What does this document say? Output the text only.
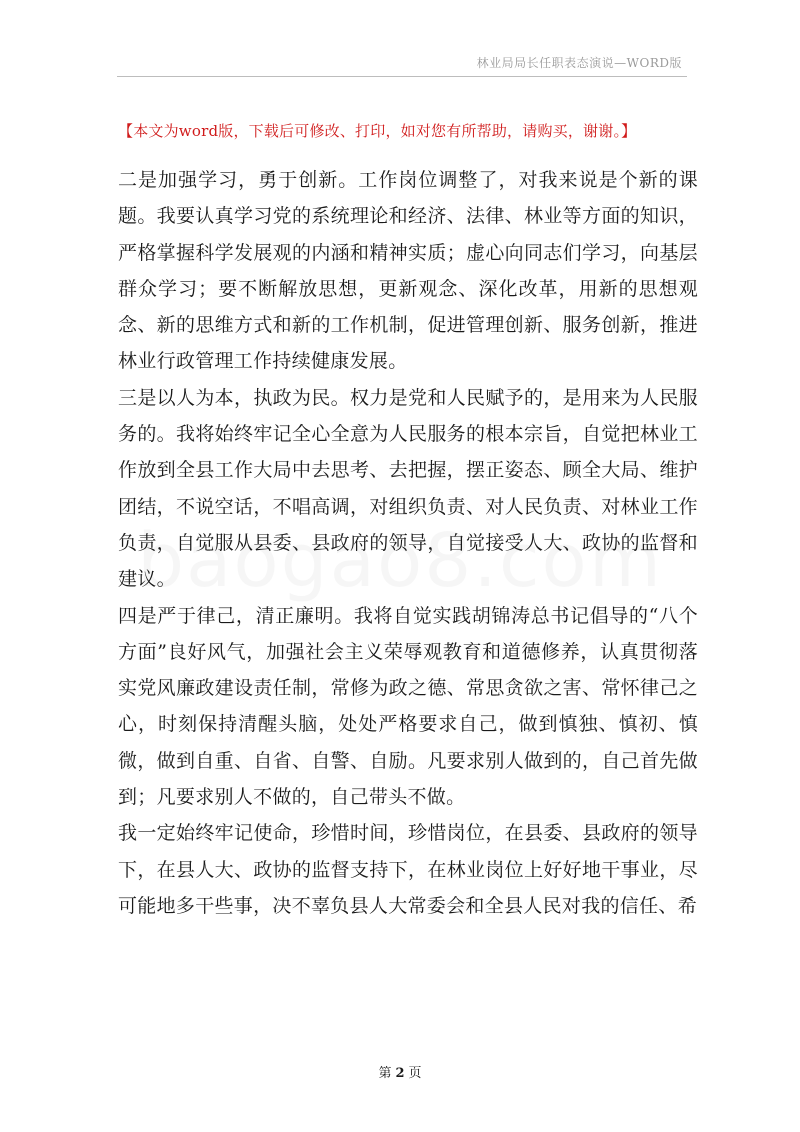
林业局局长任职表态演说—WORD版
【本文为word版，下载后可修改、打印，如对您有所帮助，请购买，谢谢。】

二是加强学习，勇于创新。工作岗位调整了，对我来说是个新的课题。我要认真学习党的系统理论和经济、法律、林业等方面的知识，严格掌握科学发展观的内涵和精神实质；虚心向同志们学习，向基层群众学习；要不断解放思想，更新观念、深化改革，用新的思想观念、新的思维方式和新的工作机制，促进管理创新、服务创新，推进林业行政管理工作持续健康发展。

三是以人为本，执政为民。权力是党和人民赋予的，是用来为人民服务的。我将始终牢记全心全意为人民服务的根本宗旨，自觉把林业工作放到全县工作大局中去思考、去把握，摆正姿态、顾全大局、维护团结，不说空话，不唱高调，对组织负责、对人民负责、对林业工作负责，自觉服从县委、县政府的领导，自觉接受人大、政协的监督和建议。

四是严于律己，清正廉明。我将自觉实践胡锦涛总书记倡导的“八个方面”良好风气，加强社会主义荣辱观教育和道德修养，认真贯彻落实党风廉政建设责任制，常修为政之德、常思贪欲之害、常怀律己之心，时刻保持清醒头脑，处处严格要求自己，做到慎独、慎初、慎微，做到自重、自省、自警、自励。凡要求别人做到的，自己首先做到；凡要求别人不做的，自己带头不做。

我一定始终牢记使命，珍惜时间，珍惜岗位，在县委、县政府的领导下，在县人大、政协的监督支持下，在林业岗位上好好地干事业，尽可能地多干些事，决不辜负县人大常委会和全县人民对我的信任、希

第 2 页
